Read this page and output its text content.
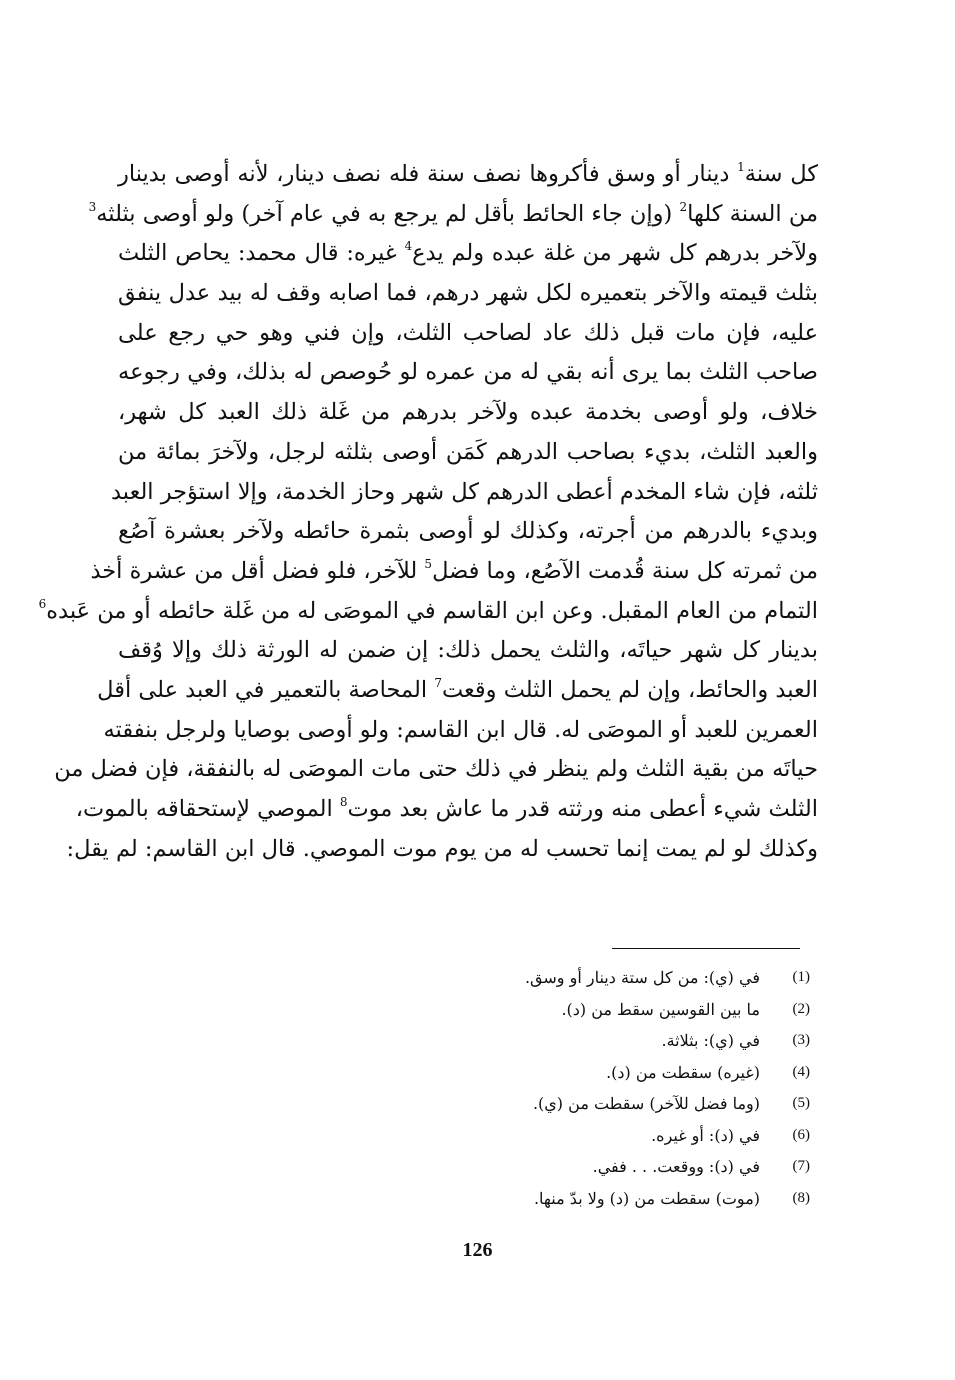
كل سنة$^1$ دينار أو وسق فأكروها نصف سنة فله نصف دينار، لأنه أوصى بدينار
من السنة كلها$^2$ (وإن جاء الحائط بأقل لم يرجع به في عام آخر) ولو أوصى بثلثه$^3$
ولآخر بدرهم كل شهر من غلة عبده ولم يدع$^4$ غيره: قال محمد: يحاص الثلث
بثلث قيمته والآخر بتعميره لكل شهر درهم، فما اصابه وقف له بيد عدل ينفق
عليه، فإن مات قبل ذلك عاد لصاحب الثلث، وإن فني وهو حي رجع على
صاحب الثلث بما يرى أنه بقي له من عمره لو حُوصص له بذلك، وفي رجوعه
خلاف، ولو أوصى بخدمة عبده ولآخر بدرهم من غَلة ذلك العبد كل شهر،
والعبد الثلث، بديء بصاحب الدرهم كَمَن أوصى بثلثه لرجل، ولآخرَ بمائة من
ثلثه، فإن شاء المخدم أعطى الدرهم كل شهر وحاز الخدمة، وإلا استؤجر العبد
وبديء بالدرهم من أجرته، وكذلك لو أوصى بثمرة حائطه ولآخر بعشرة آصُع
من ثمرته كل سنة قُدمت الآصُع، وما فضل$^5$ للآخر، فلو فضل أقل من عشرة أخذ
التمام من العام المقبل. وعن ابن القاسم في الموصَى له من غَلة حائطه أو من عَبده$^6$
بدينار كل شهر حياتَه، والثلث يحمل ذلك: إن ضمن له الورثة ذلك وإلا وُقف
العبد والحائط، وإن لم يحمل الثلث وقعت$^7$ المحاصة بالتعمير في العبد على أقل
العمرين للعبد أو الموصَى له. قال ابن القاسم: ولو أوصى بوصايا ولرجل بنفقته
حياتَه من بقية الثلث ولم ينظر في ذلك حتى مات الموصَى له بالنفقة، فإن فضل من
الثلث شيء أعطى منه ورثته قدر ما عاش بعد موت$^8$ الموصي لإستحقاقه بالموت،
وكذلك لو لم يمت إنما تحسب له من يوم موت الموصي. قال ابن القاسم: لم يقل:
(1)
في (ي): من كل ستة دينار أو وسق.
(2)
ما بين القوسين سقط من (د).
(3)
في (ي): بثلاثة.
(4)
(غيره) سقطت من (د).
(5)
(وما فضل للآخر) سقطت من (ي).
(6)
في (د): أو غيره.
(7)
في (د): ووقعت. . . ففي.
(8)
(موت) سقطت من (د) ولا بدّ منها.
126
